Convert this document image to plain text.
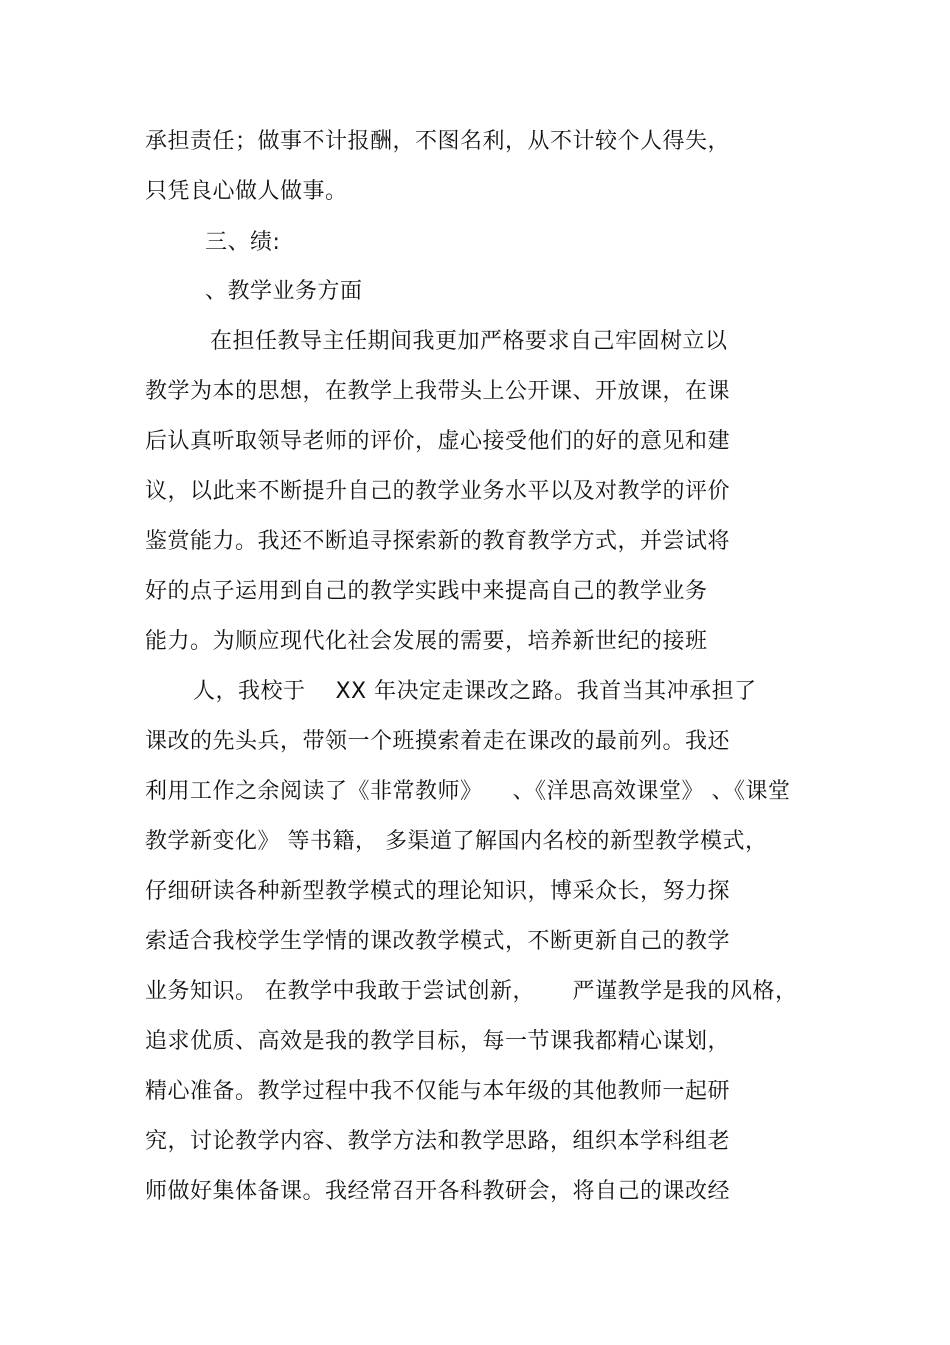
承担责任；做事不计报酬，不图名利，从不计较个人得失，
只凭良心做人做事。
三、绩:
、教学业务方面
在担任教导主任期间我更加严格要求自己牢固树立以
教学为本的思想，在教学上我带头上公开课、开放课，在课
后认真听取领导老师的评价，虚心接受他们的好的意见和建
议，以此来不断提升自己的教学业务水平以及对教学的评价
鉴赏能力。我还不断追寻探索新的教育教学方式，并尝试将
好的点子运用到自己的教学实践中来提高自己的教学业务
能力。为顺应现代化社会发展的需要，培养新世纪的接班
人，我校于    XX 年决定走课改之路。我首当其冲承担了
课改的先头兵，带领一个班摸索着走在课改的最前列。我还
利用工作之余阅读了《非常教师》    、《洋思高效课堂》 、《课堂
教学新变化》 等书籍， 多渠道了解国内名校的新型教学模式，
仔细研读各种新型教学模式的理论知识，博采众长，努力探
索适合我校学生学情的课改教学模式，不断更新自己的教学
业务知识。 在教学中我敢于尝试创新，     严谨教学是我的风格，
追求优质、高效是我的教学目标，每一节课我都精心谋划，
精心准备。教学过程中我不仅能与本年级的其他教师一起研
究，讨论教学内容、教学方法和教学思路，组织本学科组老
师做好集体备课。我经常召开各科教研会，将自己的课改经
